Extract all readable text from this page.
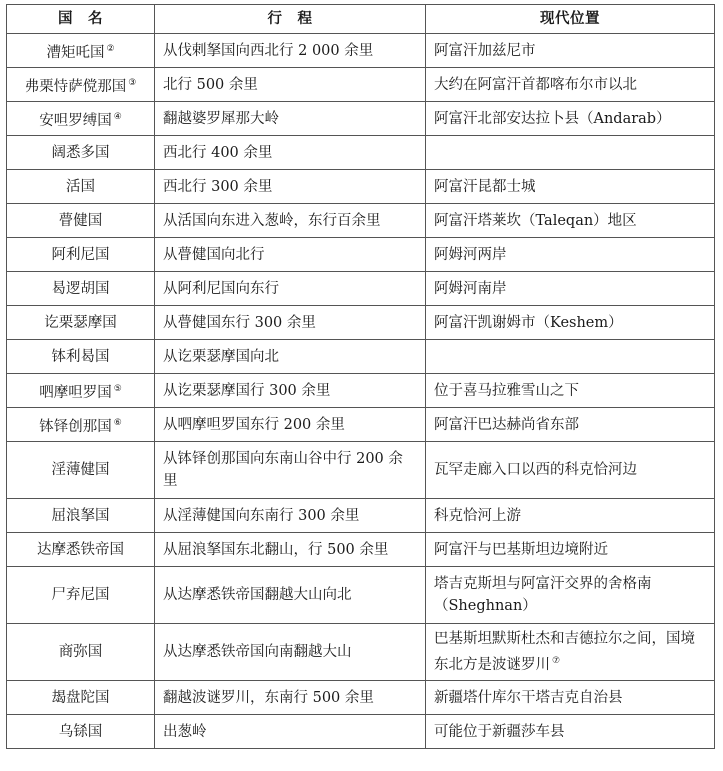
国　名	行　程	现代位置
漕矩吒国 ②	从伐剌拏国向西北行 2 000 余里	阿富汗加兹尼市
弗栗恃萨傥那国 ③	北行 500 余里	大约在阿富汗首都喀布尔市以北
安呾罗缚国 ④	翻越婆罗犀那大岭	阿富汗北部安达拉卜县（Andarab）
阔悉多国	西北行 400 余里	
活国	西北行 300 余里	阿富汗昆都士城
瞢健国	从活国向东进入葱岭，东行百余里	阿富汗塔莱坎（Taleqan）地区
阿利尼国	从瞢健国向北行	阿姆河两岸
曷逻胡国	从阿利尼国向东行	阿姆河南岸
讫栗瑟摩国	从瞢健国东行 300 余里	阿富汗凯谢姆市（Keshem）
钵利曷国	从讫栗瑟摩国向北	
呬摩呾罗国 ⑤	从讫栗瑟摩国行 300 余里	位于喜马拉雅雪山之下
钵铎创那国 ⑥	从呬摩呾罗国东行 200 余里	阿富汗巴达赫尚省东部
淫薄健国	从钵铎创那国向东南山谷中行 200 余里	瓦罕走廊入口以西的科克恰河边
屈浪拏国	从淫薄健国向东南行 300 余里	科克恰河上游
达摩悉铁帝国	从屈浪拏国东北翻山，行 500 余里	阿富汗与巴基斯坦边境附近
尸弃尼国	从达摩悉铁帝国翻越大山向北	塔吉克斯坦与阿富汗交界的舍格南（Sheghnan）
商弥国	从达摩悉铁帝国向南翻越大山	巴基斯坦默斯杜杰和吉德拉尔之间，国境东北方是波谜罗川 ⑦
朅盘陀国	翻越波谜罗川，东南行 500 余里	新疆塔什库尔干塔吉克自治县
乌铩国	出葱岭	可能位于新疆莎车县
